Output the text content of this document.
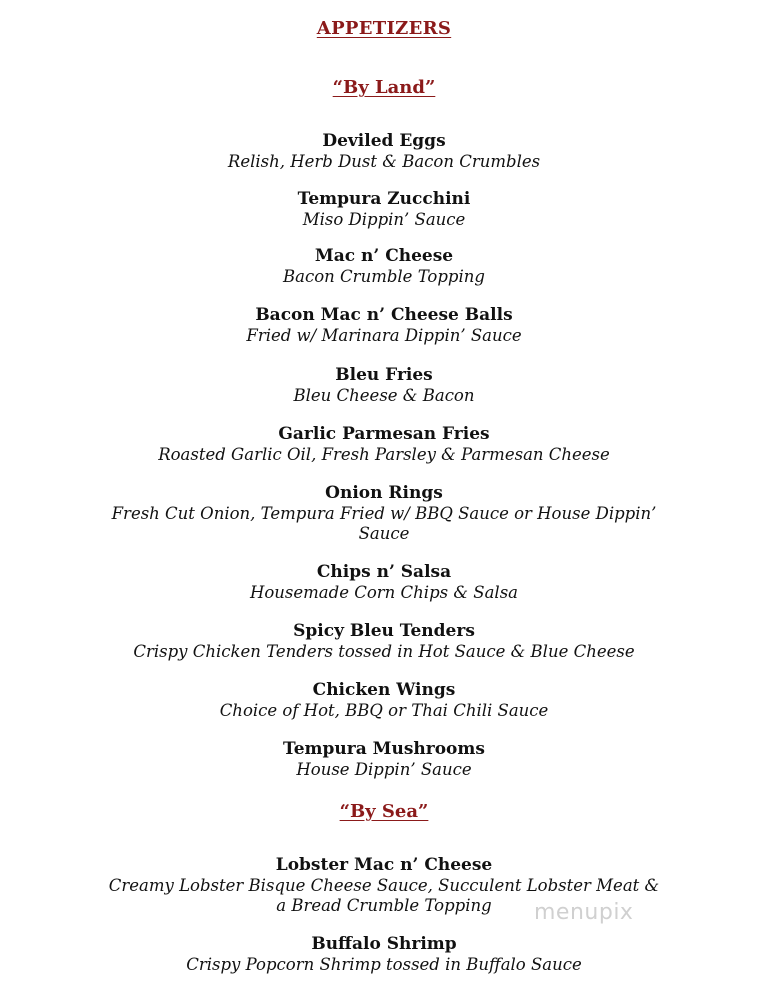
APPETIZERS
“By Land”
Deviled Eggs
Relish, Herb Dust & Bacon Crumbles
Tempura Zucchini
Miso Dippin’ Sauce
Mac n’ Cheese
Bacon Crumble Topping
Bacon Mac n’ Cheese Balls
Fried w/ Marinara Dippin’ Sauce
Bleu Fries
Bleu Cheese & Bacon
Garlic Parmesan Fries
Roasted Garlic Oil, Fresh Parsley & Parmesan Cheese
Onion Rings
Fresh Cut Onion, Tempura Fried w/ BBQ Sauce or House Dippin’ Sauce
Chips n’ Salsa
Housemade Corn Chips & Salsa
Spicy Bleu Tenders
Crispy Chicken Tenders tossed in Hot Sauce & Blue Cheese
Chicken Wings
Choice of Hot, BBQ or Thai Chili Sauce
Tempura Mushrooms
House Dippin’ Sauce
“By Sea”
Lobster Mac n’ Cheese
Creamy Lobster Bisque Cheese Sauce, Succulent Lobster Meat & a Bread Crumble Topping
Buffalo Shrimp
Crispy Popcorn Shrimp tossed in Buffalo Sauce
menupix
